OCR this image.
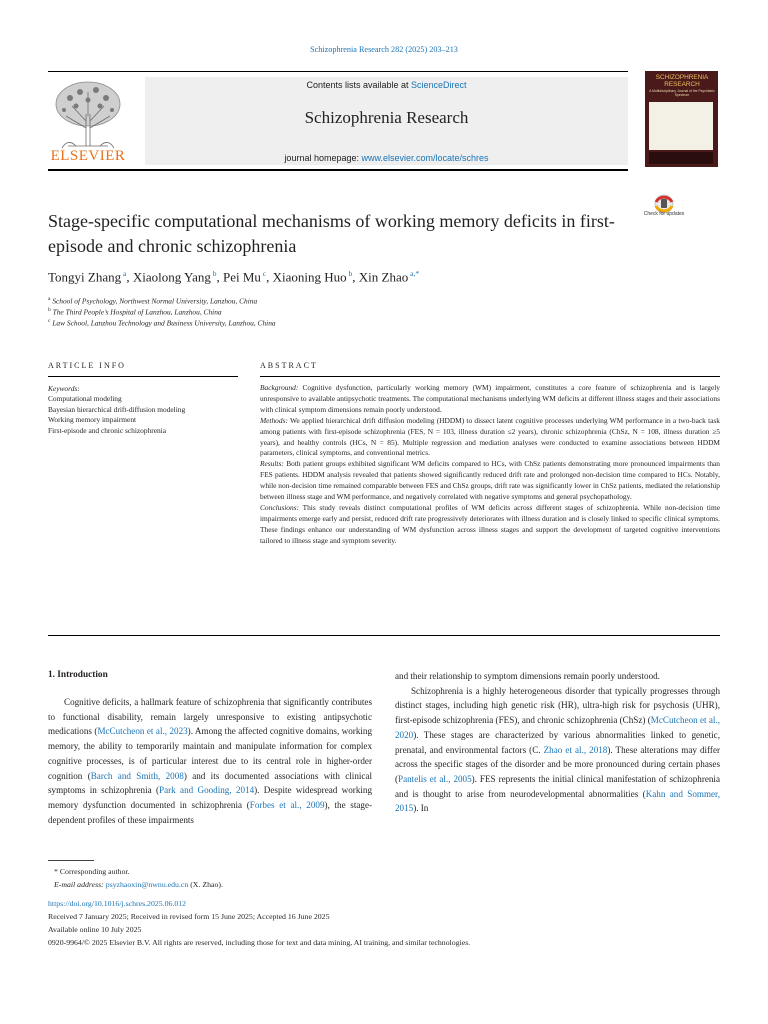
Schizophrenia Research 282 (2025) 203–213
ELSEVIER
Contents lists available at ScienceDirect
Schizophrenia Research
journal homepage: www.elsevier.com/locate/schres
SCHIZOPHRENIA RESEARCH
A Multidisciplinary Journal of the Psychiatric Spectrum
Check for updates
Stage-specific computational mechanisms of working memory deficits in first-episode and chronic schizophrenia
Tongyi Zhang $^a$, Xiaolong Yang $^b$, Pei Mu $^c$, Xiaoning Huo $^b$, Xin Zhao $^{a,*}$
$^a$ School of Psychology, Northwest Normal University, Lanzhou, China
$^b$ The Third People’s Hospital of Lanzhou, Lanzhou, China
$^c$ Law School, Lanzhou Technology and Business University, Lanzhou, China
ARTICLE INFO	ABSTRACT
Keywords:
Computational modeling
Bayesian hierarchical drift-diffusion modeling
Working memory impairment
First-episode and chronic schizophrenia

Background: Cognitive dysfunction, particularly working memory (WM) impairment, constitutes a core feature of schizophrenia and is largely unresponsive to available antipsychotic treatments. The computational mechanisms underlying WM deficits at different illness stages and their associations with clinical symptom dimensions remain poorly understood.

Methods: We applied hierarchical drift diffusion modeling (HDDM) to dissect latent cognitive processes underlying WM performance in a two-back task among patients with first-episode schizophrenia (FES, N = 103, illness duration ≤2 years), chronic schizophrenia (ChSz, N = 108, illness duration ≥5 years), and healthy controls (HCs, N = 85). Multiple regression and mediation analyses were conducted to examine associations between HDDM parameters, clinical symptoms, and conventional metrics.

Results: Both patient groups exhibited significant WM deficits compared to HCs, with ChSz patients demonstrating more pronounced impairments than FES patients. HDDM analysis revealed that patients showed significantly reduced drift rate and prolonged non-decision time compared to HCs. Notably, while non-decision time remained comparable between FES and ChSz groups, drift rate was significantly lower in ChSz patients, mediated the relationship between illness stage and WM performance, and negatively correlated with negative symptoms and general psychopathology.

Conclusions: This study reveals distinct computational profiles of WM deficits across different stages of schizophrenia. While non-decision time impairments emerge early and persist, reduced drift rate progressively deteriorates with illness duration and is closely linked to specific clinical symptoms. These findings enhance our understanding of WM dysfunction across illness stages and support the development of targeted cognitive interventions tailored to illness stage and symptom severity.

1. Introduction

Cognitive deficits, a hallmark feature of schizophrenia that significantly contributes to functional disability, remain largely unresponsive to existing antipsychotic medications (McCutcheon et al., 2023). Among the affected cognitive domains, working memory, the ability to temporarily maintain and manipulate information for complex cognitive processes, is of particular interest due to its central role in higher-order cognition (Barch and Smith, 2008) and its documented associations with clinical symptoms in schizophrenia (Park and Gooding, 2014). Despite widespread working memory dysfunction documented in schizophrenia (Forbes et al., 2009), the stage-dependent profiles of these impairments

and their relationship to symptom dimensions remain poorly understood.

Schizophrenia is a highly heterogeneous disorder that typically progresses through distinct stages, including high genetic risk (HR), ultra-high risk for psychosis (UHR), first-episode schizophrenia (FES), and chronic schizophrenia (ChSz) (McCutcheon et al., 2020). These stages are characterized by various abnormalities linked to genetic, prenatal, and environmental factors (C. Zhao et al., 2018). These alterations may differ across the specific stages of the disorder and be more pronounced during certain phases (Pantelis et al., 2005). FES represents the initial clinical manifestation of schizophrenia and is thought to arise from neurodevelopmental abnormalities (Kahn and Sommer, 2015). In

* Corresponding author.

E-mail address: psyzhaoxin@nwnu.edu.cn (X. Zhao).

https://doi.org/10.1016/j.schres.2025.06.012

Received 7 January 2025; Received in revised form 15 June 2025; Accepted 16 June 2025

Available online 10 July 2025

0920-9964/© 2025 Elsevier B.V. All rights are reserved, including those for text and data mining, AI training, and similar technologies.
